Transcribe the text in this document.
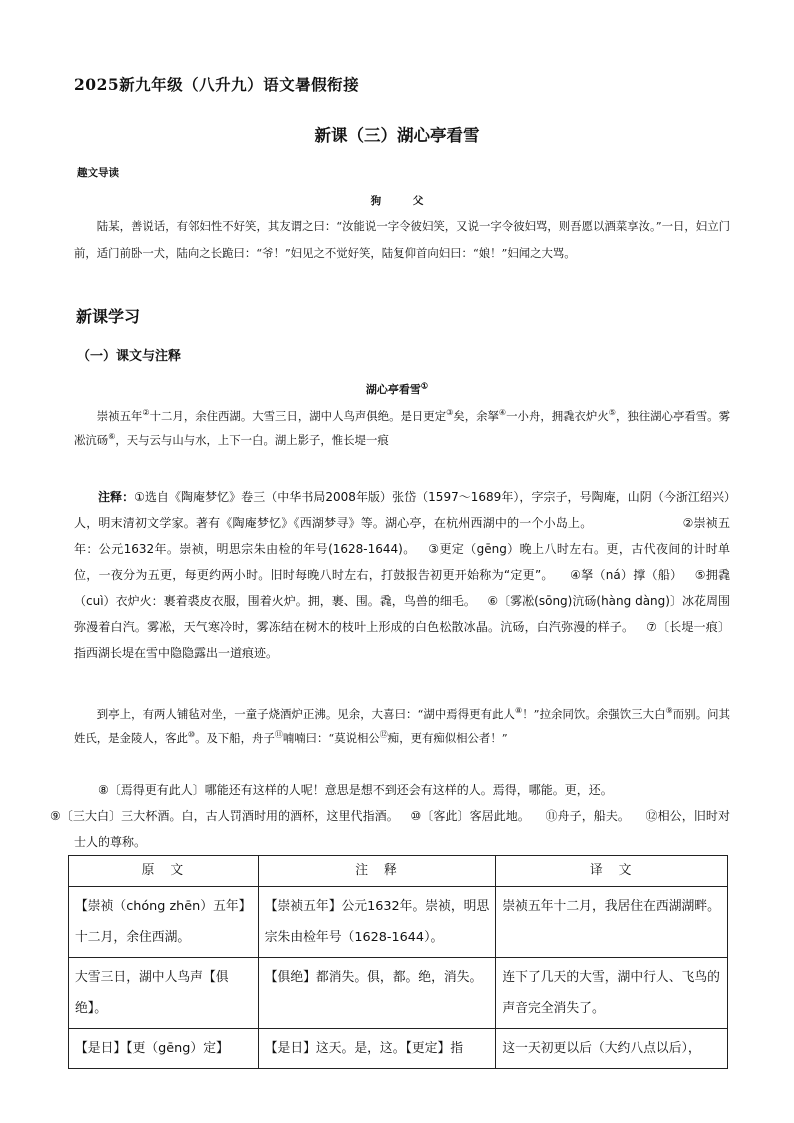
2025新九年级（八升九）语文暑假衔接
新课（三）湖心亭看雪
趣文导读
狗 父
陆某，善说话，有邻妇性不好笑，其友谓之曰：“汝能说一字令彼妇笑，又说一字令彼妇骂，则吾愿以酒菜享汝。”一日，妇立门前，适门前卧一犬，陆向之长跪曰：“爷！”妇见之不觉好笑，陆复仰首向妇曰：“娘！”妇闻之大骂。
新课学习
（一）课文与注释
湖心亭看雪①
崇祯五年②十二月，余住西湖。大雪三日，湖中人鸟声俱绝。是日更定③矣，余拏④一小舟，拥毳衣炉火⑤，独往湖心亭看雪。雾凇沆砀⑥，天与云与山与水，上下一白。湖上影子，惟长堤一痕
注释：①选自《陶庵梦忆》卷三（中华书局2008年版）张岱（1597～1689年），字宗子，号陶庵，山阴（今浙江绍兴）人，明末清初文学家。著有《陶庵梦忆》《西湖梦寻》等。湖心亭，在杭州西湖中的一个小岛上。	②崇祯五年：公元1632年。崇祯，明思宗朱由检的年号(1628-1644)。 ③更定（gēng）晚上八时左右。更，古代夜间的计时单位，一夜分为五更，每更约两小时。旧时每晚八时左右，打鼓报告初更开始称为“定更”。 ④拏（ná）撑（船） ⑤拥毳（cuì）衣炉火：裹着裘皮衣服，围着火炉。拥，裹、围。毳，鸟兽的细毛。 ⑥〔雾凇(sōng)沆砀(hàng dàng)〕冰花周围弥漫着白汽。雾凇，天气寒冷时，雾冻结在树木的枝叶上形成的白色松散冰晶。沆砀，白汽弥漫的样子。 ⑦〔长堤一痕〕指西湖长堤在雪中隐隐露出一道痕迹。
到亭上，有两人铺毡对坐，一童子烧酒炉正沸。见余，大喜曰：“湖中焉得更有此人⑧！”拉余同饮。余强饮三大白⑨而别。问其姓氏，是金陵人，客此⑩。及下船，舟子⑪喃喃曰：“莫说相公⑫痴，更有痴似相公者！”
⑧〔焉得更有此人〕哪能还有这样的人呢！意思是想不到还会有这样的人。焉得，哪能。更，还。
⑨〔三大白〕三大杯酒。白，古人罚酒时用的酒杯，这里代指酒。 ⑩〔客此〕客居此地。 ⑪舟子，船夫。 ⑫相公，旧时对士人的尊称。
原文	注释	译文
【崇祯（chóng zhēn）五年】十二月，余住西湖。	【崇祯五年】公元1632年。崇祯，明思宗朱由检年号（1628-1644）。	崇祯五年十二月，我居住在西湖湖畔。
大雪三日，湖中人鸟声【俱绝】。	【俱绝】都消失。俱，都。绝，消失。	连下了几天的大雪，湖中行人、飞鸟的声音完全消失了。
【是日】【更（gēng）定】	【是日】这天。是，这。【更定】指	这一天初更以后（大约八点以后），
